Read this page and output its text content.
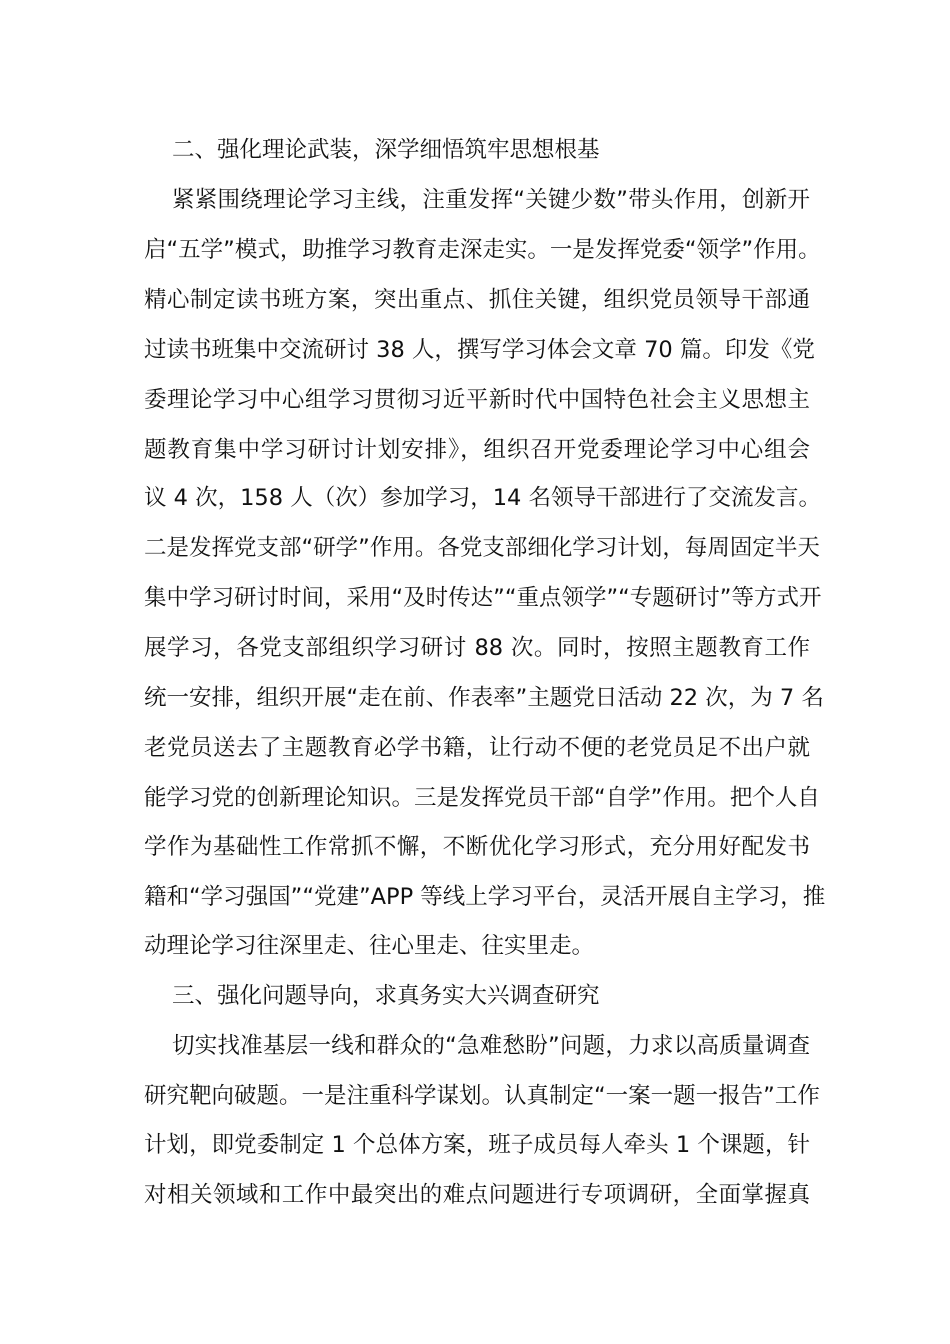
二、强化理论武装，深学细悟筑牢思想根基
紧紧围绕理论学习主线，注重发挥“关键少数”带头作用，创新开
启“五学”模式，助推学习教育走深走实。一是发挥党委“领学”作用。
精心制定读书班方案，突出重点、抓住关键，组织党员领导干部通
过读书班集中交流研讨 38 人，撰写学习体会文章 70 篇。印发《党
委理论学习中心组学习贯彻习近平新时代中国特色社会主义思想主
题教育集中学习研讨计划安排》，组织召开党委理论学习中心组会
议 4 次，158 人（次）参加学习，14 名领导干部进行了交流发言。
二是发挥党支部“研学”作用。各党支部细化学习计划，每周固定半天
集中学习研讨时间，采用“及时传达”“重点领学”“专题研讨”等方式开
展学习，各党支部组织学习研讨 88 次。同时，按照主题教育工作
统一安排，组织开展“走在前、作表率”主题党日活动 22 次，为 7 名
老党员送去了主题教育必学书籍，让行动不便的老党员足不出户就
能学习党的创新理论知识。三是发挥党员干部“自学”作用。把个人自
学作为基础性工作常抓不懈，不断优化学习形式，充分用好配发书
籍和“学习强国”“党建”APP 等线上学习平台，灵活开展自主学习，推
动理论学习往深里走、往心里走、往实里走。
三、强化问题导向，求真务实大兴调查研究
切实找准基层一线和群众的“急难愁盼”问题，力求以高质量调查
研究靶向破题。一是注重科学谋划。认真制定“一案一题一报告”工作
计划，即党委制定 1 个总体方案，班子成员每人牵头 1 个课题，针
对相关领域和工作中最突出的难点问题进行专项调研，全面掌握真
